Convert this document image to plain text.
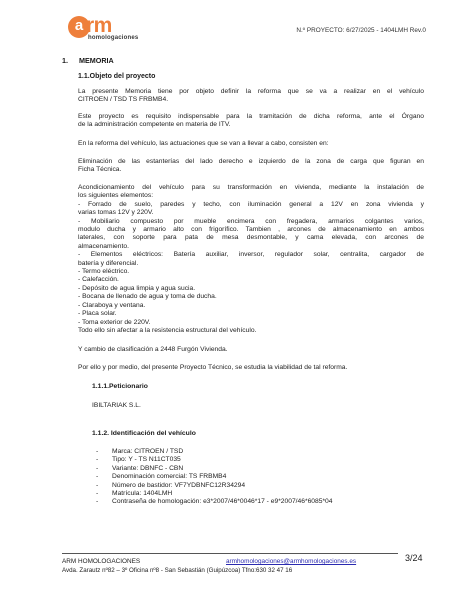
a rm
homologaciones
N.º PROYECTO: 6/27/2025 - 1404LMH Rev.0
1. MEMORIA
1.1.Objeto del proyecto
La presente Memoria tiene por objeto definir la reforma que se va a realizar en el vehículo
CITROEN / TSD TS FRBMB4.
Este proyecto es requisito indispensable para la tramitación de dicha reforma, ante el Órgano
de la administración competente en materia de ITV.
En la reforma del vehículo, las actuaciones que se van a llevar a cabo, consisten en:
Eliminación de las estanterías del lado derecho e izquierdo de la zona de carga que figuran en
Ficha Técnica.
Acondicionamiento del vehículo para su transformación en vivienda, mediante la instalación de
los siguientes elementos:
- Forrado de suelo, paredes y techo, con iluminación general a 12V en zona vivienda y
varias tomas 12V y 220V.
- Mobiliario compuesto por mueble encimera con fregadera, armarios colgantes varios,
modulo ducha y armario alto con frigorífico. Tambien , arcones de almacenamiento en ambos
laterales, con soporte para pata de mesa desmontable, y cama elevada, con arcones de
almacenamiento.
- Elementos eléctricos: Batería auxiliar, inversor, regulador solar, centralita, cargador de
batería y diferencial.
- Termo eléctrico.
- Calefacción.
- Depósito de agua limpia y agua sucia.
- Bocana de llenado de agua y toma de ducha.
- Claraboya y ventana.
- Placa solar.
- Toma exterior de 220V.
Todo ello sin afectar a la resistencia estructural del vehículo.
Y cambio de clasificación a 2448 Furgón Vivienda.
Por ello y por medio, del presente Proyecto Técnico, se estudia la viabilidad de tal reforma.
1.1.1.Peticionario
IBILTARIAK S.L.
1.1.2. Identificación del vehículo
- Marca: CITROEN / TSD
- Tipo: Y - TS N11CT035
- Variante: DBNFC - CBN
- Denominación comercial: TS FRBMB4
- Número de bastidor: VF7YDBNFC12R34294
- Matrícula: 1404LMH
- Contraseña de homologación: e3*2007/46*0046*17 - e9*2007/46*6085*04
ARM HOMOLOGACIONES	armhomologaciones@armhomologaciones.es
Avda. Zarautz nº82 – 3º Oficina nº8 - San Sebastián (Guipúzcoa) Tfno:630 32 47 16
3/24
